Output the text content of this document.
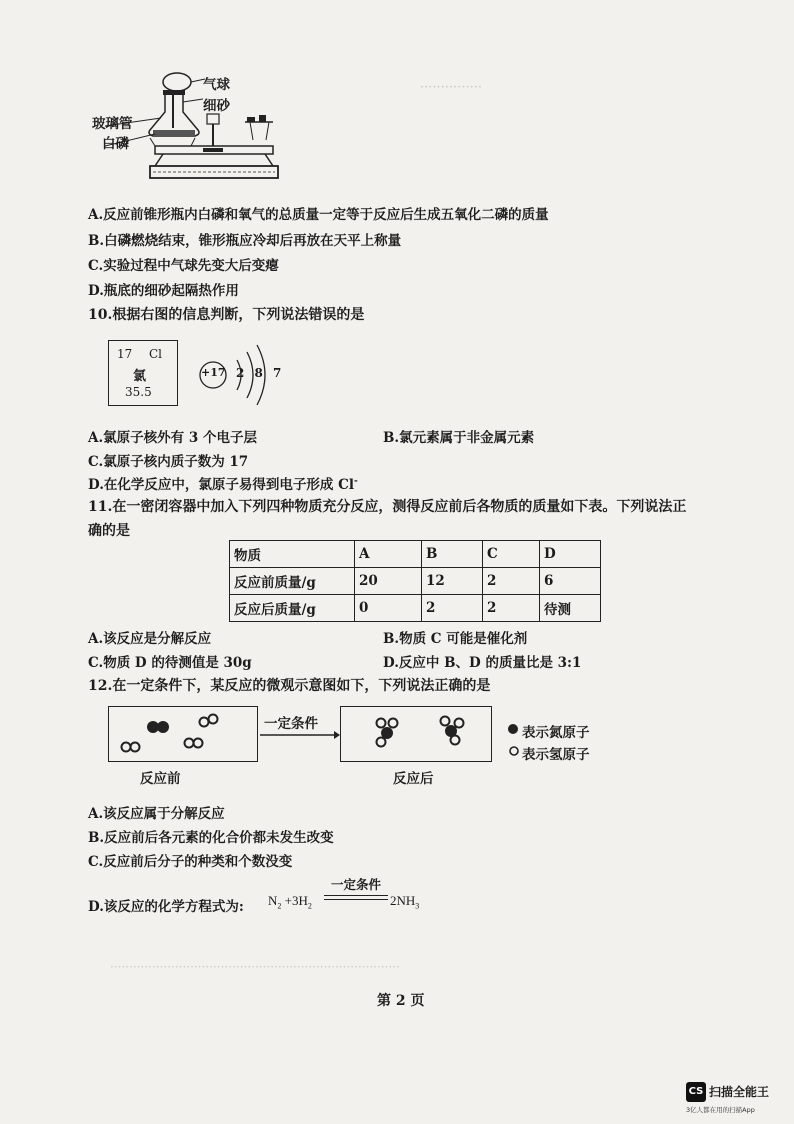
···············
气球
细砂
玻璃管
白磷
A.反应前锥形瓶内白磷和氧气的总质量一定等于反应后生成五氧化二磷的质量
B.白磷燃烧结束，锥形瓶应冷却后再放在天平上称量
C.实验过程中气球先变大后变瘪
D.瓶底的细砂起隔热作用
10.根据右图的信息判断，下列说法错误的是
17 Cl
氯
35.5
+17 2 8 7
A.氯原子核外有 3 个电子层	B.氯元素属于非金属元素
C.氯原子核内质子数为 17
D.在化学反应中，氯原子易得到电子形成 Cl-
11.在一密闭容器中加入下列四种物质充分反应，测得反应前后各物质的质量如下表。下列说法正
确的是
物质	A	B	C	D
反应前质量/g	20	12	2	6
反应后质量/g	0	2	2	待测
A.该反应是分解反应	B.物质 C 可能是催化剂
C.物质 D 的待测值是 30g	D.反应中 B、D 的质量比是 3:1
12.在一定条件下，某反应的微观示意图如下，下列说法正确的是
一定条件
表示氮原子
表示氢原子
反应前	反应后
A.该反应属于分解反应
B.反应前后各元素的化合价都未发生改变
C.反应前后分子的种类和个数没变
D.该反应的化学方程式为: $N_2 +3H_2$
一定条件
$2NH_3$
············································································
第 2 页
CS 扫描全能王
3亿人都在用的扫描App
